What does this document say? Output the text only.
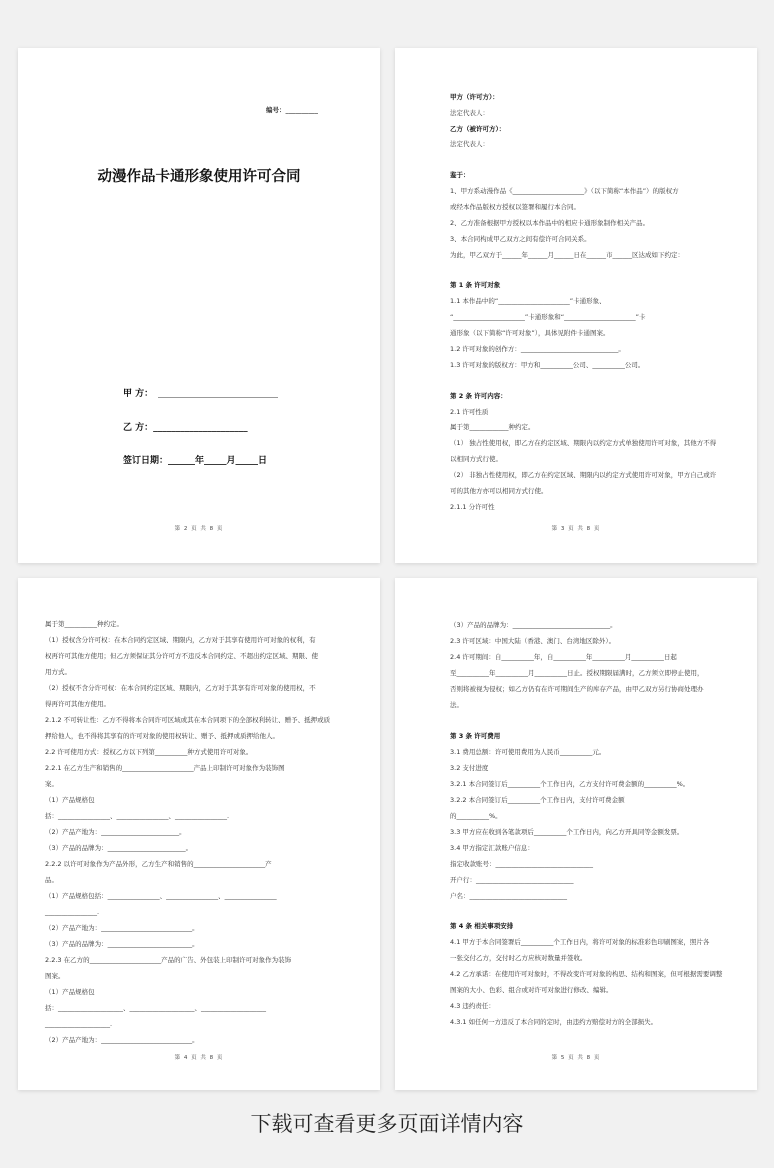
编号：__________
动漫作品卡通形象使用许可合同
甲 方：
乙 方：_____________________
签订日期：______年_____月_____日
第 2 页 共 8 页
甲方（许可方）：
法定代表人：
乙方（被许可方）：
法定代表人：
鉴于：
1、甲方系动漫作品《______________________》（以下简称“本作品”）的版权方
或经本作品版权方授权以签署和履行本合同。
2、乙方准备根据甲方授权以本作品中的相应卡通形象制作相关产品。
3、本合同构成甲乙双方之间有偿许可合同关系。
为此，甲乙双方于______年______月______日在______市______区达成如下约定：
第 1 条 许可对象
1.1 本作品中的“______________________”卡通形象、
“______________________”卡通形象和“______________________”卡
通形象（以下简称“许可对象”），具体见附件卡通图案。
1.2 许可对象的创作方：______________________________。
1.3 许可对象的版权方：甲方和__________公司、__________公司。
第 2 条 许可内容：
2.1 许可性质
属于第____________种约定。
（1） 独占性使用权，即乙方在约定区域、期限内以约定方式单独使用许可对象，其他方不得
以相同方式行使。
（2） 非独占性使用权，即乙方在约定区域、期限内以约定方式使用许可对象，甲方自己或许
可的其他方亦可以相同方式行使。
2.1.1 分许可性
第 3 页 共 8 页
属于第__________种约定。
（1）授权含分许可权：在本合同约定区域、期限内，乙方对于其享有使用许可对象的权利，有
权再许可其他方使用；但乙方须保证其分许可方不违反本合同约定、不超出约定区域、期限、使
用方式。
（2）授权不含分许可权：在本合同约定区域、期限内，乙方对于其享有许可对象的使用权，不
得再许可其他方使用。
2.1.2 不可转让性：乙方不得将本合同许可区域或其在本合同项下的全部权利转让、赠予、抵押或质
押给他人，也不得将其享有的许可对象的使用权转让、赠予、抵押或质押给他人。
2.2 许可使用方式：授权乙方以下列第__________种方式使用许可对象。
2.2.1 在乙方生产和销售的______________________产品上印制许可对象作为装饰图
案。
（1）产品规格包
括：________________、________________、________________.
（2）产品产地为：________________________。
（3）产品的品牌为：________________________。
2.2.2 以许可对象作为产品外形，乙方生产和销售的______________________产
品。
（1）产品规格包括：________________、________________、________________
________________.
（2）产品产地为：____________________________。
（3）产品的品牌为：__________________________。
2.2.3 在乙方的______________________产品的广告、外包装上印制许可对象作为装饰
图案。
（1）产品规格包
括：____________________、____________________、____________________
____________________.
（2）产品产地为：____________________________。
第 4 页 共 8 页
（3）产品的品牌为：______________________________。
2.3 许可区域：中国大陆（香港、澳门、台湾地区除外）。
2.4 许可期间：自__________年，自__________年__________月__________日起
至__________年__________月__________日止。授权期限届满时，乙方须立即停止使用，
否则将被视为侵权；如乙方仍有在许可期间生产的库存产品，由甲乙双方另行协商处理办
法。
第 3 条 许可费用
3.1 费用总额：许可使用费用为人民币__________元。
3.2 支付进度
3.2.1 本合同签订后__________个工作日内，乙方支付许可费金额的__________%。
3.2.2 本合同签订后__________个工作日内，支付许可费金额
的__________%。
3.3 甲方应在收到各笔款项后__________个工作日内，向乙方开具同等金额发票。
3.4 甲方指定汇款账户信息：
指定收款账号：______________________________
开户行：______________________________
户名：______________________________
第 4 条 相关事项安排
4.1 甲方于本合同签署后__________个工作日内，将许可对象的标准彩色印刷图案，照片各
一张交付乙方，交付时乙方应核对数量并签收。
4.2 乙方承诺：在使用许可对象时，不得改变许可对象的构思、结构和图案，但可根据需要调整
图案的大小、色彩、组合或对许可对象进行修改、编辑。
4.3 违约责任：
4.3.1 如任何一方违反了本合同的定时，由违约方赔偿对方的全部损失。
第 5 页 共 8 页
下载可查看更多页面详情内容
